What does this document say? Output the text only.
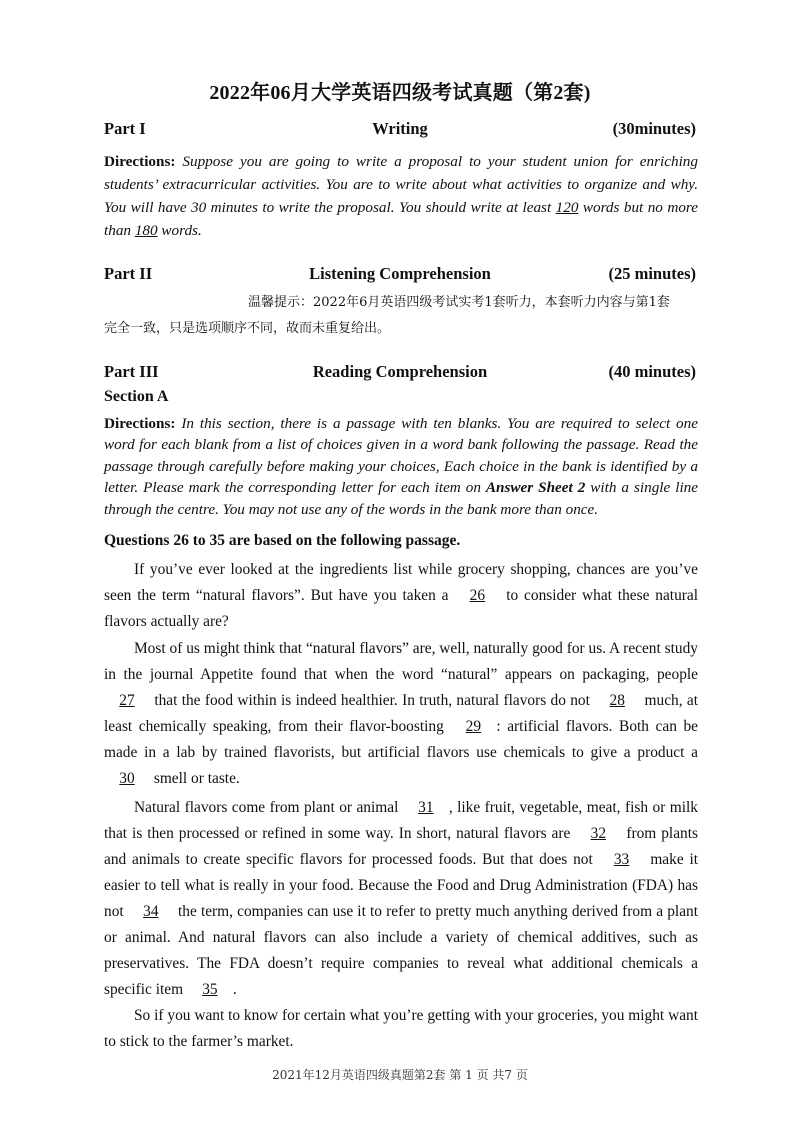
2022年06月大学英语四级考试真题（第2套)
Part I	Writing	(30minutes)
Directions: Suppose you are going to write a proposal to your student union for enriching students’ extracurricular activities. You are to write about what activities to organize and why. You will have 30 minutes to write the proposal. You should write at least 120 words but no more than 180 words.
Part II	Listening Comprehension	(25 minutes)
温馨提示：2022年6月英语四级考试实考1套听力，本套听力内容与第1套
完全一致，只是选项顺序不同，故而未重复给出。
Part III	Reading Comprehension	(40 minutes)
Section A
Directions: In this section, there is a passage with ten blanks. You are required to select one word for each blank from a list of choices given in a word bank following the passage. Read the passage through carefully before making your choices, Each choice in the bank is identified by a letter. Please mark the corresponding letter for each item on Answer Sheet 2 with a single line through the centre. You may not use any of the words in the bank more than once.
Questions 26 to 35 are based on the following passage.

If you’ve ever looked at the ingredients list while grocery shopping, chances are you’ve seen the term “natural flavors”. But have you taken a 26 to consider what these natural flavors actually are?

Most of us might think that “natural flavors” are, well, naturally good for us. A recent study in the journal Appetite found that when the word “natural” appears on packaging, people 27 that the food within is indeed healthier. In truth, natural flavors do not 28 much, at least chemically speaking, from their flavor-boosting 29 : artificial flavors. Both can be made in a lab by trained flavorists, but artificial flavors use chemicals to give a product a 30 smell or taste.

Natural flavors come from plant or animal 31 , like fruit, vegetable, meat, fish or milk that is then processed or refined in some way. In short, natural flavors are 32 from plants and animals to create specific flavors for processed foods. But that does not 33 make it easier to tell what is really in your food. Because the Food and Drug Administration (FDA) has not 34 the term, companies can use it to refer to pretty much anything derived from a plant or animal. And natural flavors can also include a variety of chemical additives, such as preservatives. The FDA doesn’t require companies to reveal what additional chemicals a specific item 35 .

So if you want to know for certain what you’re getting with your groceries, you might want to stick to the farmer’s market.

2021年12月英语四级真题第2套 第 1 页 共7 页
